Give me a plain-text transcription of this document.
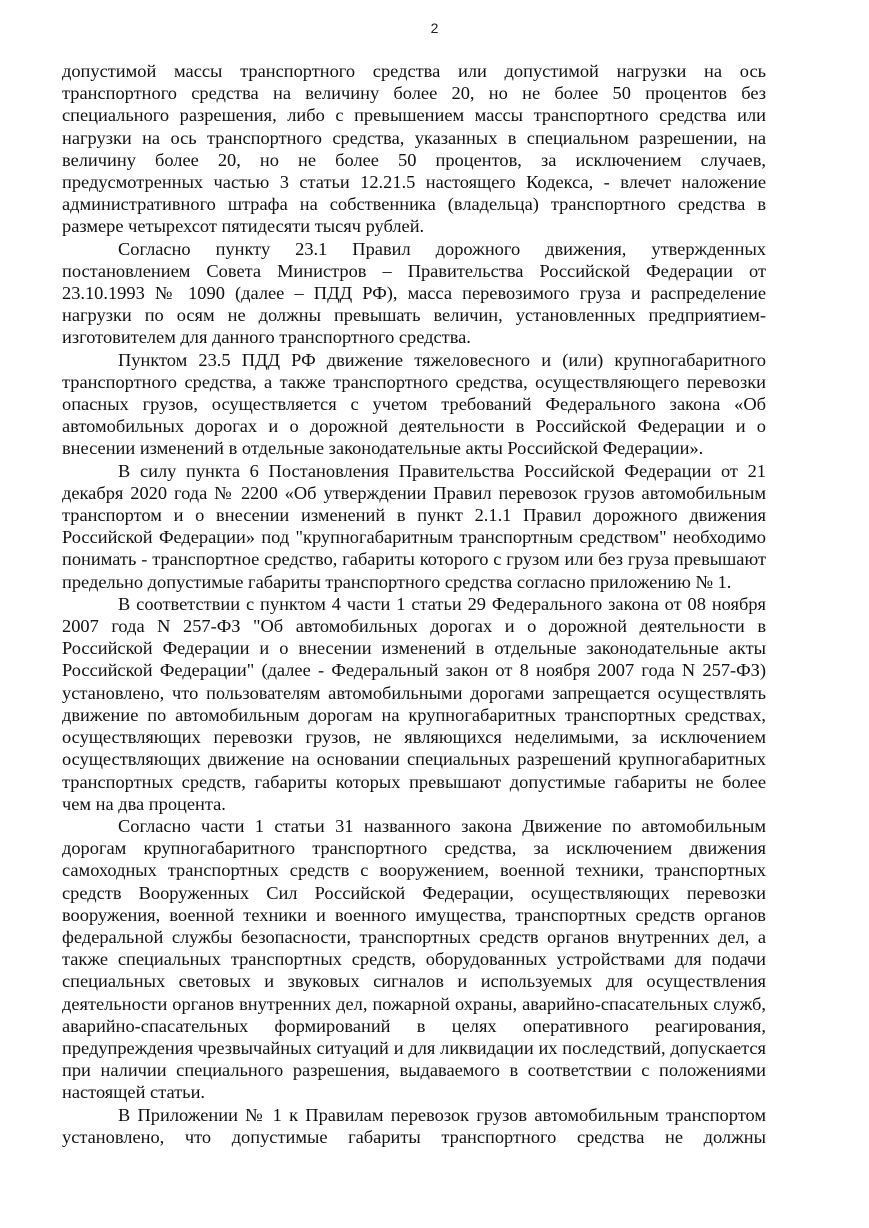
2

допустимой массы транспортного средства или допустимой нагрузки на ось транспортного средства на величину более 20, но не более 50 процентов без специального разрешения, либо с превышением массы транспортного средства или нагрузки на ось транспортного средства, указанных в специальном разрешении, на величину более 20, но не более 50 процентов, за исключением случаев, предусмотренных частью 3 статьи 12.21.5 настоящего Кодекса, - влечет наложение административного штрафа на собственника (владельца) транспортного средства в размере четырехсот пятидесяти тысяч рублей.

Согласно пункту 23.1 Правил дорожного движения, утвержденных постановлением Совета Министров – Правительства Российской Федерации от 23.10.1993 № 1090 (далее – ПДД РФ), масса перевозимого груза и распределение нагрузки по осям не должны превышать величин, установленных предприятием-изготовителем для данного транспортного средства.

Пунктом 23.5 ПДД РФ движение тяжеловесного и (или) крупногабаритного транспортного средства, а также транспортного средства, осуществляющего перевозки опасных грузов, осуществляется с учетом требований Федерального закона «Об автомобильных дорогах и о дорожной деятельности в Российской Федерации и о внесении изменений в отдельные законодательные акты Российской Федерации».

В силу пункта 6 Постановления Правительства Российской Федерации от 21 декабря 2020 года № 2200 «Об утверждении Правил перевозок грузов автомобильным транспортом и о внесении изменений в пункт 2.1.1 Правил дорожного движения Российской Федерации» под "крупногабаритным транспортным средством" необходимо понимать - транспортное средство, габариты которого с грузом или без груза превышают предельно допустимые габариты транспортного средства согласно приложению № 1.

В соответствии с пунктом 4 части 1 статьи 29 Федерального закона от 08 ноября 2007 года N 257-ФЗ "Об автомобильных дорогах и о дорожной деятельности в Российской Федерации и о внесении изменений в отдельные законодательные акты Российской Федерации" (далее - Федеральный закон от 8 ноября 2007 года N 257-ФЗ) установлено, что пользователям автомобильными дорогами запрещается осуществлять движение по автомобильным дорогам на крупногабаритных транспортных средствах, осуществляющих перевозки грузов, не являющихся неделимыми, за исключением осуществляющих движение на основании специальных разрешений крупногабаритных транспортных средств, габариты которых превышают допустимые габариты не более чем на два процента.

Согласно части 1 статьи 31 названного закона Движение по автомобильным дорогам крупногабаритного транспортного средства, за исключением движения самоходных транспортных средств с вооружением, военной техники, транспортных средств Вооруженных Сил Российской Федерации, осуществляющих перевозки вооружения, военной техники и военного имущества, транспортных средств органов федеральной службы безопасности, транспортных средств органов внутренних дел, а также специальных транспортных средств, оборудованных устройствами для подачи специальных световых и звуковых сигналов и используемых для осуществления деятельности органов внутренних дел, пожарной охраны, аварийно-спасательных служб, аварийно-спасательных формирований в целях оперативного реагирования, предупреждения чрезвычайных ситуаций и для ликвидации их последствий, допускается при наличии специального разрешения, выдаваемого в соответствии с положениями настоящей статьи.

В Приложении № 1 к Правилам перевозок грузов автомобильным транспортом установлено, что допустимые габариты транспортного средства не должны
